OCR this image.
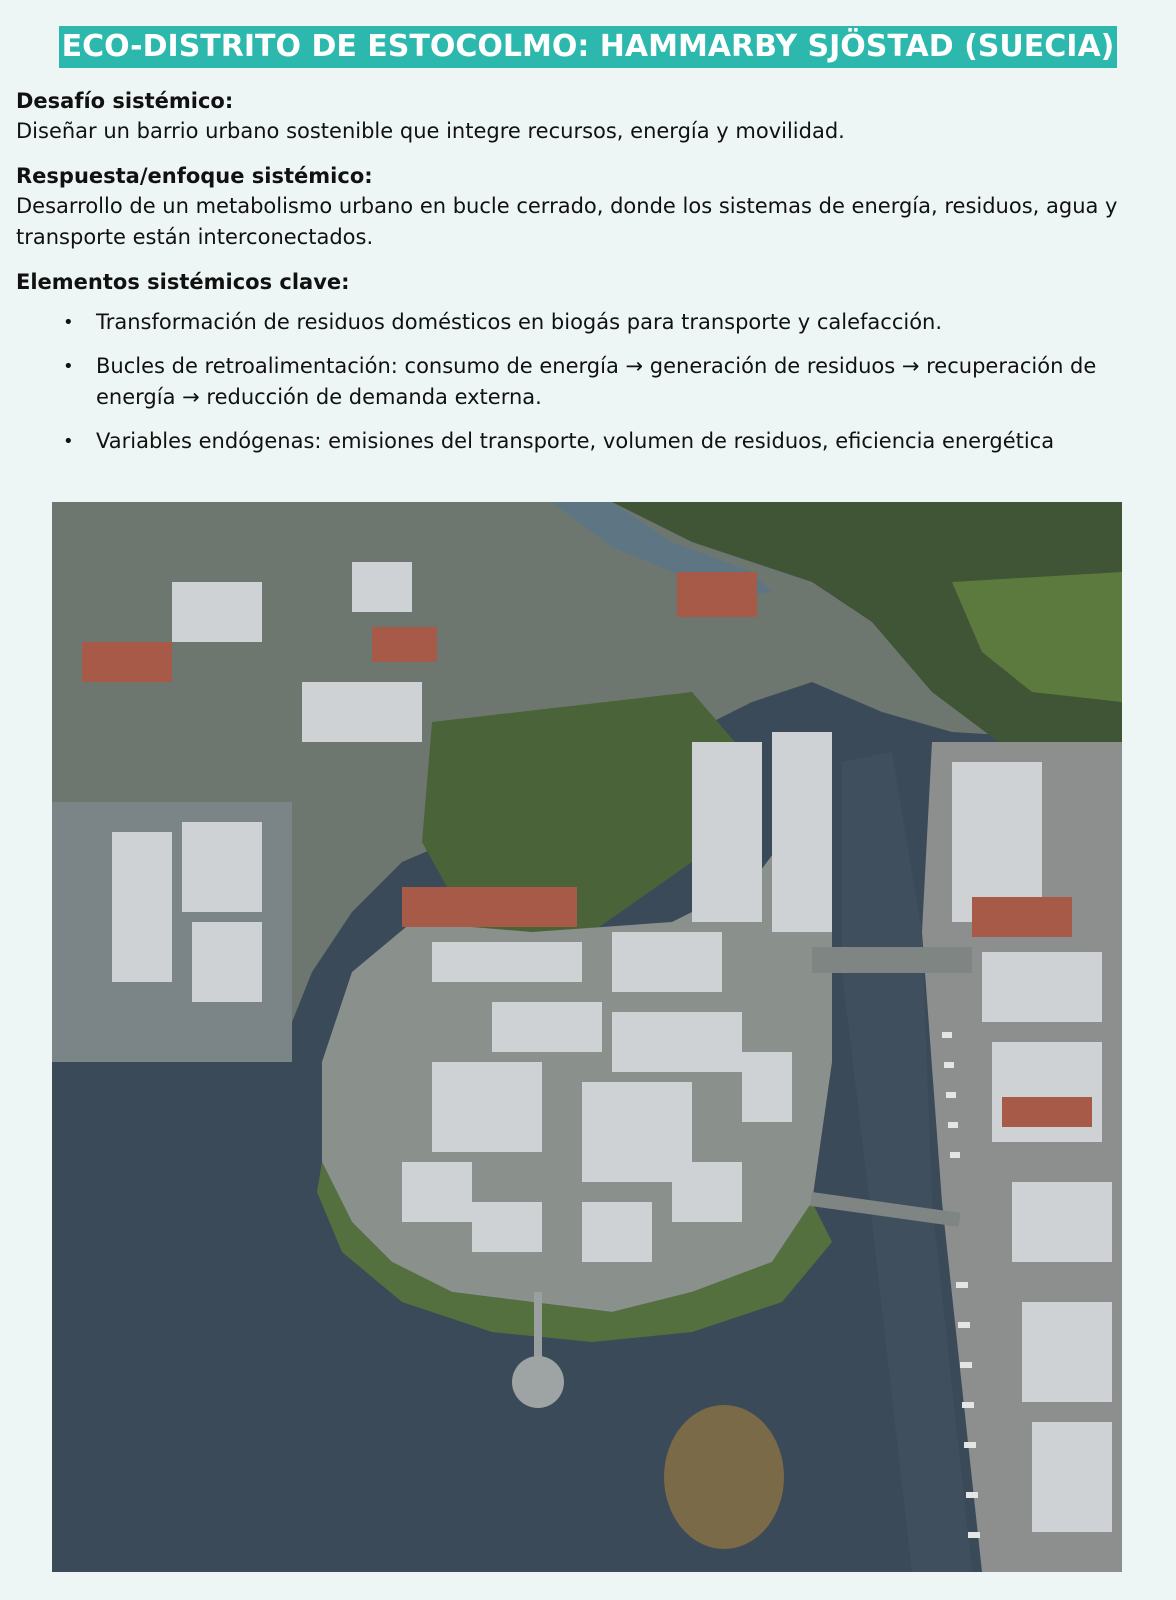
ECO-DISTRITO DE ESTOCOLMO: HAMMARBY SJÖSTAD (SUECIA)
Desafío sistémico:

Diseñar un barrio urbano sostenible que integre recursos, energía y movilidad.

Respuesta/enfoque sistémico:

Desarrollo de un metabolismo urbano en bucle cerrado, donde los sistemas de energía, residuos, agua y transporte están interconectados.

Elementos sistémicos clave:
• Transformación de residuos domésticos en biogás para transporte y calefacción.
• Bucles de retroalimentación: consumo de energía → generación de residuos → recuperación de energía → reducción de demanda externa.
• Variables endógenas: emisiones del transporte, volumen de residuos, eficiencia energética
